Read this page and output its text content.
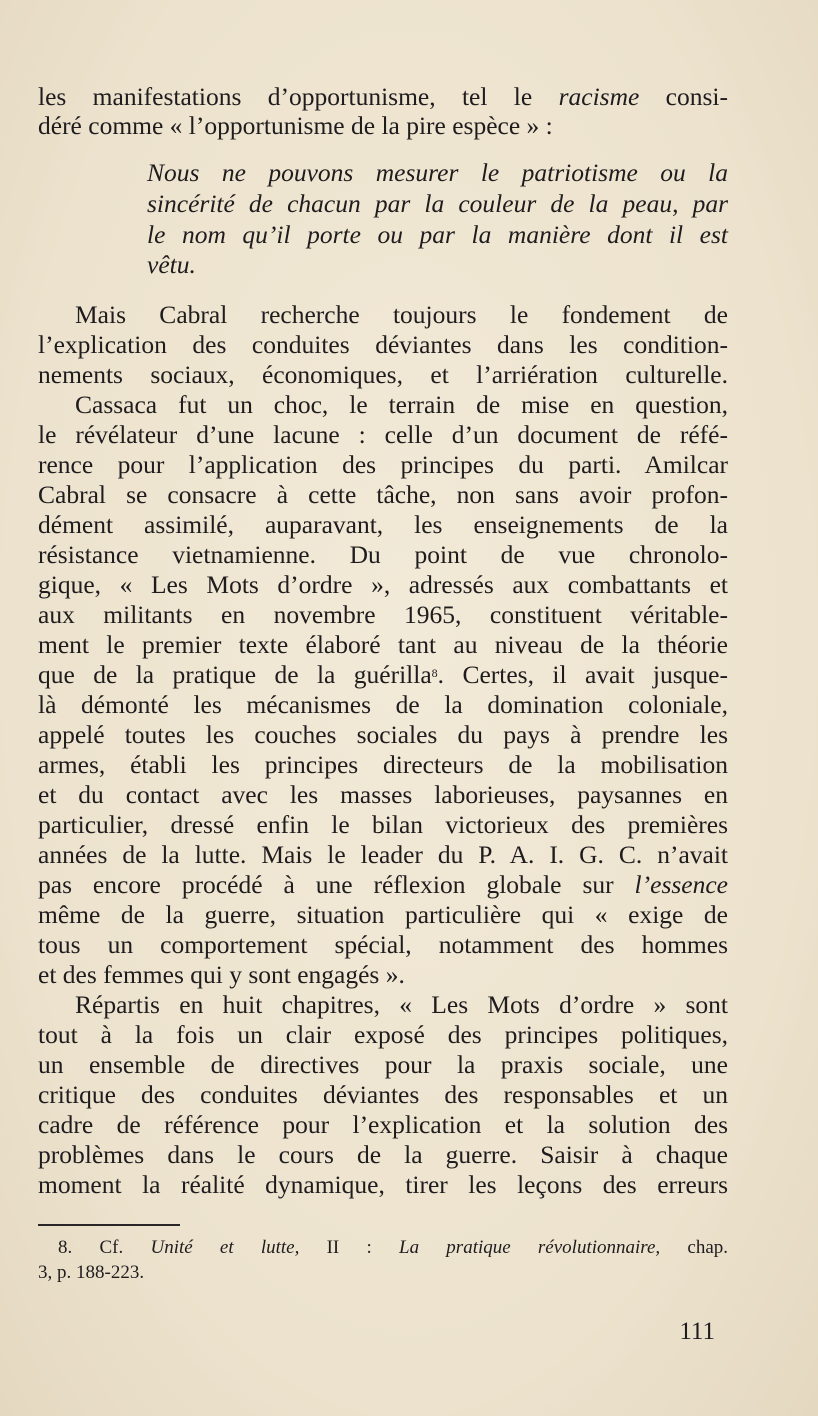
les manifestations d’opportunisme, tel le racisme consi-
déré comme « l’opportunisme de la pire espèce » :
Nous ne pouvons mesurer le patriotisme ou la
sincérité de chacun par la couleur de la peau, par
le nom qu’il porte ou par la manière dont il est
vêtu.
Mais Cabral recherche toujours le fondement de
l’explication des conduites déviantes dans les condition-
nements sociaux, économiques, et l’arriération culturelle.
Cassaca fut un choc, le terrain de mise en question,
le révélateur d’une lacune : celle d’un document de réfé-
rence pour l’application des principes du parti. Amilcar
Cabral se consacre à cette tâche, non sans avoir profon-
dément assimilé, auparavant, les enseignements de la
résistance vietnamienne. Du point de vue chronolo-
gique, « Les Mots d’ordre », adressés aux combattants et
aux militants en novembre 1965, constituent véritable-
ment le premier texte élaboré tant au niveau de la théorie
que de la pratique de la guérilla$^8$. Certes, il avait jusque-
là démonté les mécanismes de la domination coloniale,
appelé toutes les couches sociales du pays à prendre les
armes, établi les principes directeurs de la mobilisation
et du contact avec les masses laborieuses, paysannes en
particulier, dressé enfin le bilan victorieux des premières
années de la lutte. Mais le leader du P. A. I. G. C. n’avait
pas encore procédé à une réflexion globale sur l’essence
même de la guerre, situation particulière qui « exige de
tous un comportement spécial, notamment des hommes
et des femmes qui y sont engagés ».
Répartis en huit chapitres, « Les Mots d’ordre » sont
tout à la fois un clair exposé des principes politiques,
un ensemble de directives pour la praxis sociale, une
critique des conduites déviantes des responsables et un
cadre de référence pour l’explication et la solution des
problèmes dans le cours de la guerre. Saisir à chaque
moment la réalité dynamique, tirer les leçons des erreurs
8. Cf. Unité et lutte, II : La pratique révolutionnaire, chap.
3, p. 188-223.
111
